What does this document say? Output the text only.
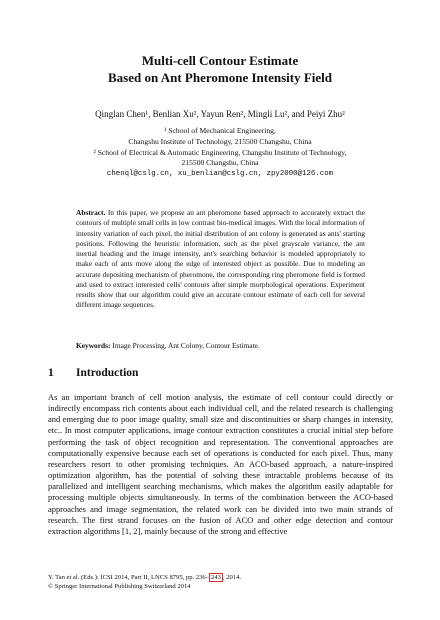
Multi-cell Contour Estimate
Based on Ant Pheromone Intensity Field
Qinglan Chen¹, Benlian Xu², Yayun Ren², Mingli Lu², and Peiyi Zhu²
¹ School of Mechanical Engineering,
Changshu Institute of Technology, 215500 Changshu, China
² School of Electrical & Automatic Engineering, Changshu Institute of Technology,
215500 Changshu, China
chenql@cslg.cn, xu_benlian@cslg.cn, zpy2000@126.com
Abstract. In this paper, we propose an ant pheromone based approach to accurately extract the contours of multiple small cells in low contrast bio-medical images. With the local information of intensity variation of each pixel, the initial distribution of ant colony is generated as ants' starting positions. Following the heuristic information, such as the pixel grayscale variance, the ant inertial heading and the image intensity, ant's searching behavior is modeled appropriately to make each of ants move along the edge of interested object as possible. Due to modeling an accurate depositing mechanism of pheromone, the corresponding ring pheromone field is formed and used to extract interested cells' contours after simple morphological operations. Experiment results show that our algorithm could give an accurate contour estimate of each cell for several different image sequences.
Keywords: Image Processing, Ant Colony, Contour Estimate.
1 Introduction
As an important branch of cell motion analysis, the estimate of cell contour could directly or indirectly encompass rich contents about each individual cell, and the related research is challenging and emerging due to poor image quality, small size and discontinuities or sharp changes in intensity, etc.. In most computer applications, image contour extraction constitutes a crucial initial step before performing the task of object recognition and representation. The conventional approaches are computationally expensive because each set of operations is conducted for each pixel. Thus, many researchers resort to other promising techniques. An ACO-based approach, a nature-inspired optimization algorithm, has the potential of solving these intractable problems because of its parallelized and intelligent searching mechanisms, which makes the algorithm easily adaptable for processing multiple objects simultaneously. In terms of the combination between the ACO-based approaches and image segmentation, the related work can be divided into two main strands of research. The first strand focuses on the fusion of ACO and other edge detection and contour extraction algorithms [1, 2], mainly because of the strong and effective
Y. Tan et al. (Eds.): ICSI 2014, Part II, LNCS 8795, pp. 236– 243 , 2014.
© Springer International Publishing Switzerland 2014
